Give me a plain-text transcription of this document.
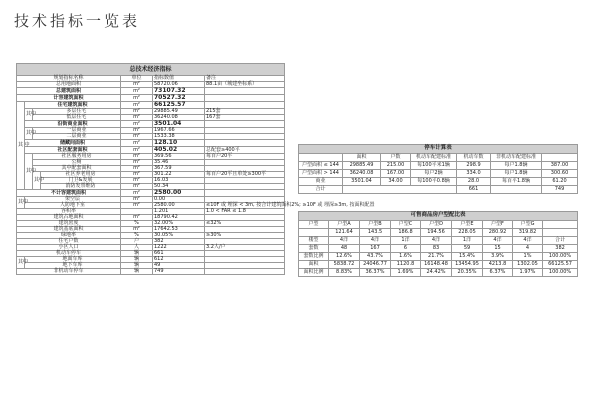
技术指标一览表
总技术经济指标						
规划指标名称				单位	指标数值	备注
总用地面积				m²	58720.06	88.1亩（城建坐标系）
总建筑面积				m²	73107.32	
计容建筑面积				m²	70527.32	
其 中	住宅建筑面积			m²	66125.57	
	其中	多层住宅		m²	29885.49	215套
		低层住宅		m²	36240.08	167套
	沿街商业面积			m²	3501.04	
	其中	一层商业		m²	1967.66	
		二层商业		m²	1533.38	
	储藏间面积			m²	128.10	
	社区配套面积			m²	405.02	总配套≥400平
	其中	社区服务用房		m²	369.56	每百户20平
		公厕		m²	35.46	
		其中配套面积		m²	367.59	
		其中	社区养老用房	m²	301.22	每百户20平且单处≥300平
			门卫&发展	m²	16.03	
			消防发票维防	m²	50.34	
不计容建筑面积				m²	2580.00	
其中	架空层			m²	0.00	
	人防地下室			m²	2580.00	≤10F 或 埋深 < 3m, 按合计建筑面积2%; ≥10F 或 埋深≥3m, 按面积配置
容积率					1.201	1.0 < FAR ≤ 1.8
建筑占地面积				m²	18790.42	
建筑密度				%	32.00%	≤32%
建筑基底面积				m²	17642.53	
绿地率				%	30.05%	≥30%
住宅户数				户	382	
小区人口				人	1222	3.2人/户
机动车停车				辆	661	
其中	地面车库			辆	612	
	地下车库			辆	49	
非机动车停车				辆	749	
停车计算表						
	面积	户数	机动车配建标准	机动车数	非机动车配建标准	
户型面积 ≤ 144	29885.49	215.00	每100平米1辆	298.9	每户1.8辆	387.00
户型面积 > 144	36240.08	167.00	每户2辆	334.0	每户1.8辆	300.60
商业	3501.04	34.00	每100平0.8辆	28.0	每百平1.8辆	61.20
合计				661		749
可售商品房户型配比表								
户型	户型A	户型B	户型C	户型D	户型E	户型F	户型G	
	121.64	143.5	186.8	194.56	228.05	280.92	319.82	
楼型	4洋	4洋	1洋	4洋	1洋	4洋	4洋	合计
套数	48	167	6	83	59	15	4	382
套数比例	12.6%	43.7%	1.6%	21.7%	15.4%	3.9%	1%	100.00%
面积	5838.72	24046.77	1120.8	16148.48	13454.95	4213.8	1302.05	66125.57
面积比例	8.83%	36.37%	1.69%	24.42%	20.35%	6.37%	1.97%	100.00%
